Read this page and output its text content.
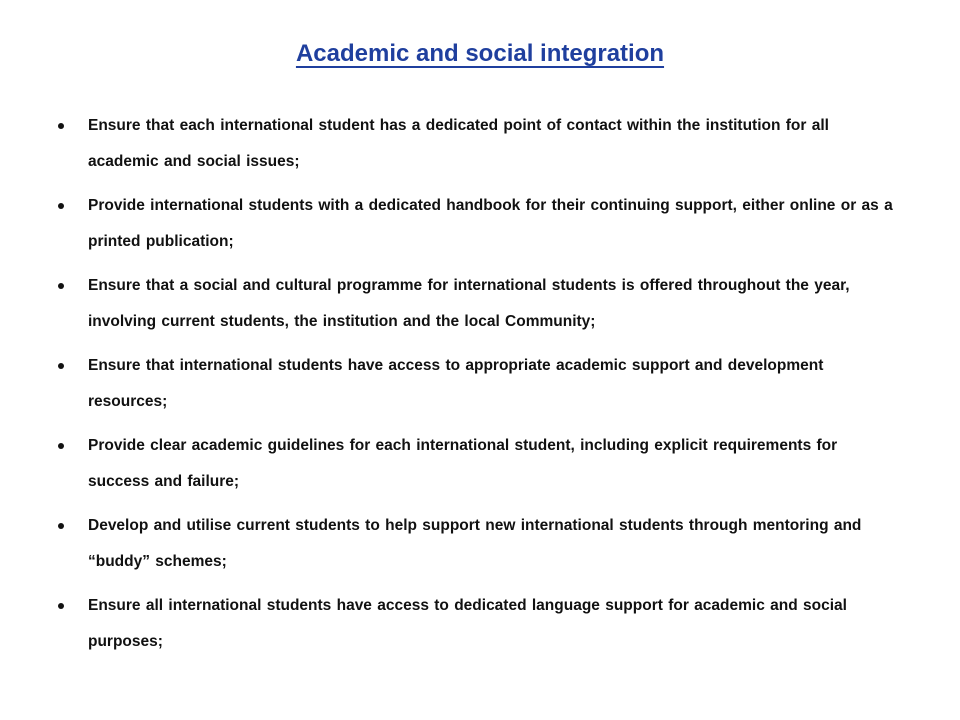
Academic and social integration
Ensure that each international student has a dedicated point of contact within the institution for all academic and social issues;
Provide international students with a dedicated handbook for their continuing support, either online or as a printed publication;
Ensure that a social and cultural programme for international students is offered throughout the year, involving current students, the institution and the local Community;
Ensure that international students have access to appropriate academic support and development resources;
Provide clear academic guidelines for each international student, including explicit requirements for success and failure;
Develop and utilise current students to help support new international students through mentoring and “buddy” schemes;
Ensure all international students have access to dedicated language support for academic and social purposes;
